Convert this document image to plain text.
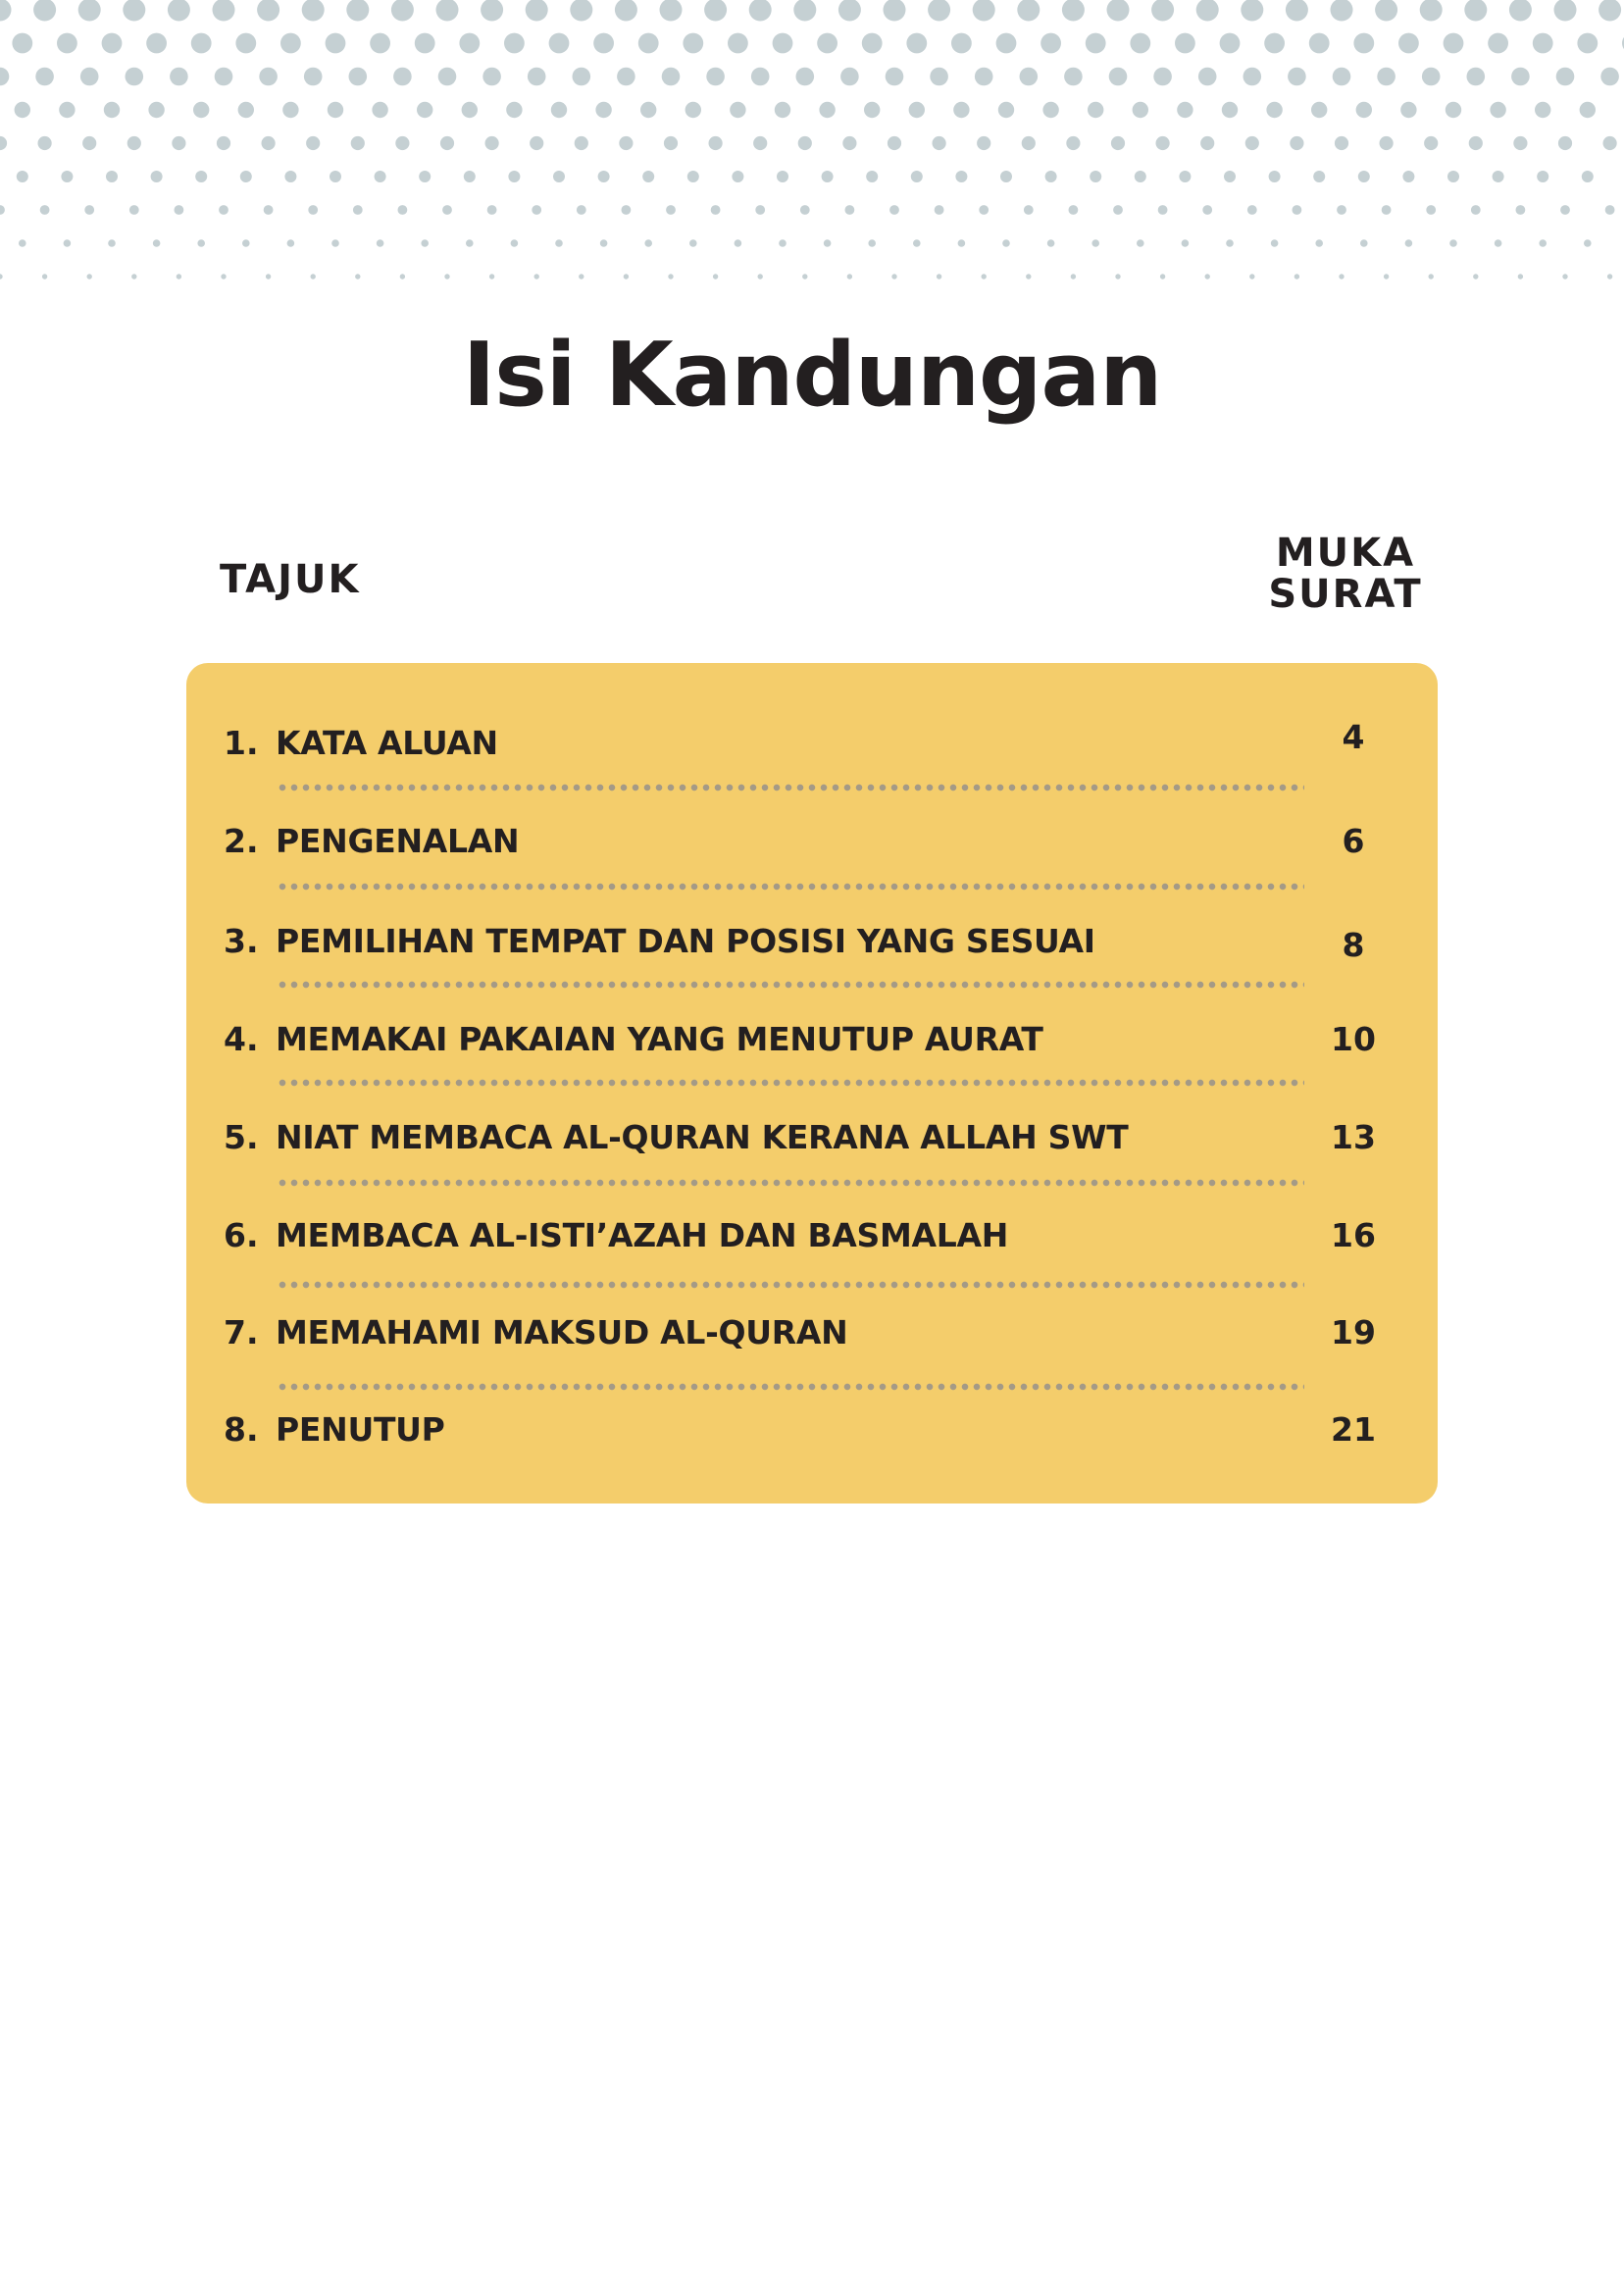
Isi Kandungan
TAJUK
MUKA
SURAT
1. KATA ALUAN	4
2. PENGENALAN	6
3. PEMILIHAN TEMPAT DAN POSISI YANG SESUAI	8
4. MEMAKAI PAKAIAN YANG MENUTUP AURAT	10
5. NIAT MEMBACA AL-QURAN KERANA ALLAH SWT	13
6. MEMBACA AL-ISTI’AZAH DAN BASMALAH	16
7. MEMAHAMI MAKSUD AL-QURAN	19
8. PENUTUP	21
